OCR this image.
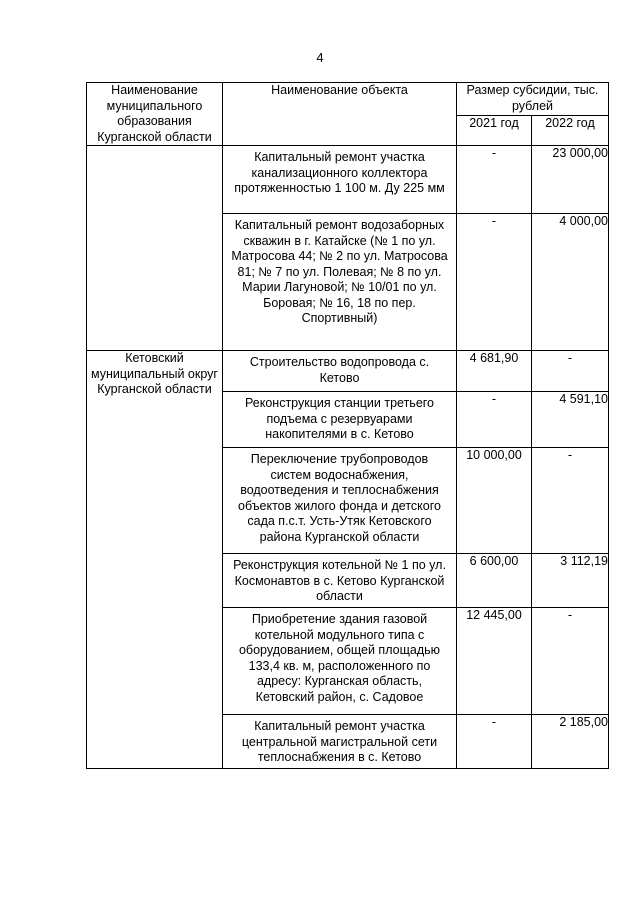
4
Наименование муниципального образования Курганской области	Наименование объекта	Размер субсидии, тыс. рублей	
		2021 год	2022 год

	Капитальный ремонт участка канализационного коллектора протяженностью 1 100 м. Ду 225 мм	-	23 000,00

	Капитальный ремонт водозаборных скважин в г. Катайске (№ 1 по ул. Матросова 44; № 2 по ул. Матросова 81; № 7 по ул. Полевая; № 8 по ул. Марии Лагуновой; № 10/01 по ул. Боровая; № 16, 18 по пер. Спортивный)	-	4 000,00
Кетовский муниципальный округ Курганской области	Строительство водопровода с. Кетово	4 681,90	-

	Реконструкция станции третьего подъема с резервуарами накопителями в с. Кетово	-	4 591,10

	Переключение трубопроводов систем водоснабжения, водоотведения и теплоснабжения объектов жилого фонда и детского сада п.с.т. Усть-Утяк Кетовского района Курганской области	10 000,00	-

	Реконструкция котельной № 1 по ул. Космонавтов в с. Кетово Курганской области	6 600,00	3 112,19

	Приобретение здания газовой котельной модульного типа с оборудованием, общей площадью 133,4 кв. м, расположенного по адресу: Курганская область, Кетовский район, с. Садовое	12 445,00	-

	Капитальный ремонт участка центральной магистральной сети теплоснабжения в с. Кетово	-	2 185,00
